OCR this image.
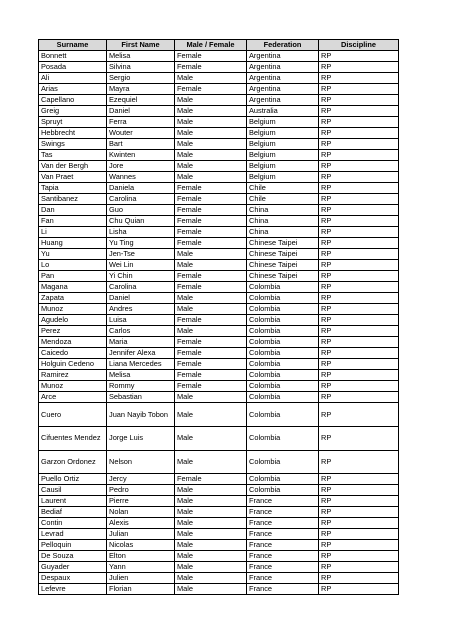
Surname	First Name	Male / Female	Federation	Discipline
Bonnett	Melisa	Female	Argentina	RP
Posada	Silvina	Female	Argentina	RP
Ali	Sergio	Male	Argentina	RP
Arias	Mayra	Female	Argentina	RP
Capellano	Ezequiel	Male	Argentina	RP
Greig	Daniel	Male	Australia	RP
Spruyt	Ferra	Male	Belgium	RP
Hebbrecht	Wouter	Male	Belgium	RP
Swings	Bart	Male	Belgium	RP
Tas	Kwinten	Male	Belgium	RP
Van der Bergh	Jore	Male	Belgium	RP
Van Praet	Wannes	Male	Belgium	RP
Tapia	Daniela	Female	Chile	RP
Santibanez	Carolina	Female	Chile	RP
Dan	Guo	Female	China	RP
Fan	Chu Quian	Female	China	RP
Li	Lisha	Female	China	RP
Huang	Yu Ting	Female	Chinese Taipei	RP
Yu	Jen-Tse	Male	Chinese Taipei	RP
Lo	Wei Lin	Male	Chinese Taipei	RP
Pan	Yi Chin	Female	Chinese Taipei	RP
Magana	Carolina	Female	Colombia	RP
Zapata	Daniel	Male	Colombia	RP
Munoz	Andres	Male	Colombia	RP
Agudelo	Luisa	Female	Colombia	RP
Perez	Carlos	Male	Colombia	RP
Mendoza	Maria	Female	Colombia	RP
Caicedo	Jennifer Alexa	Female	Colombia	RP
Holguin Cedeno	Liana Mercedes	Female	Colombia	RP
Ramirez	Melisa	Female	Colombia	RP
Munoz	Rommy	Female	Colombia	RP
Arce	Sebastian	Male	Colombia	RP
Cuero	Juan Nayib Tobon	Male	Colombia	RP
Cifuentes Mendez	Jorge Luis	Male	Colombia	RP
Garzon Ordonez	Nelson	Male	Colombia	RP
Puello Ortiz	Jercy	Female	Colombia	RP
Causil	Pedro	Male	Colombia	RP
Laurent	Pierre	Male	France	RP
Bediaf	Nolan	Male	France	RP
Contin	Alexis	Male	France	RP
Levrad	Julian	Male	France	RP
Pelloquin	Nicolas	Male	France	RP
De Souza	Elton	Male	France	RP
Guyader	Yann	Male	France	RP
Despaux	Julien	Male	France	RP
Lefevre	Florian	Male	France	RP
